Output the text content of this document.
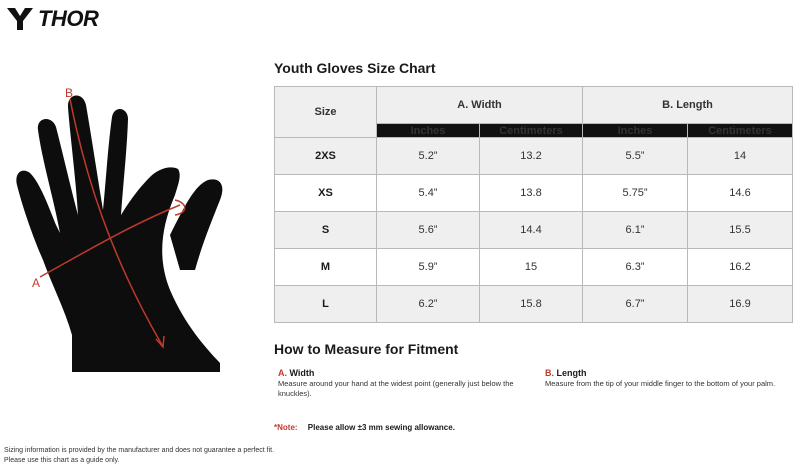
THOR
A
B
Youth Gloves Size Chart
Size	A. Width		B. Length	
	Inches	Centimeters	Inches	Centimeters
2XS	5.2”	13.2	5.5”	14
XS	5.4”	13.8	5.75”	14.6
S	5.6”	14.4	6.1”	15.5
M	5.9”	15	6.3”	16.2
L	6.2”	15.8	6.7”	16.9
How to Measure for Fitment
A. Width
Measure around your hand at the widest point (generally just below the knuckles).
B. Length
Measure from the tip of your middle finger to the bottom of your palm.
*Note: Please allow ±3 mm sewing allowance.
Sizing information is provided by the manufacturer and does not guarantee a perfect fit.
Please use this chart as a guide only.
